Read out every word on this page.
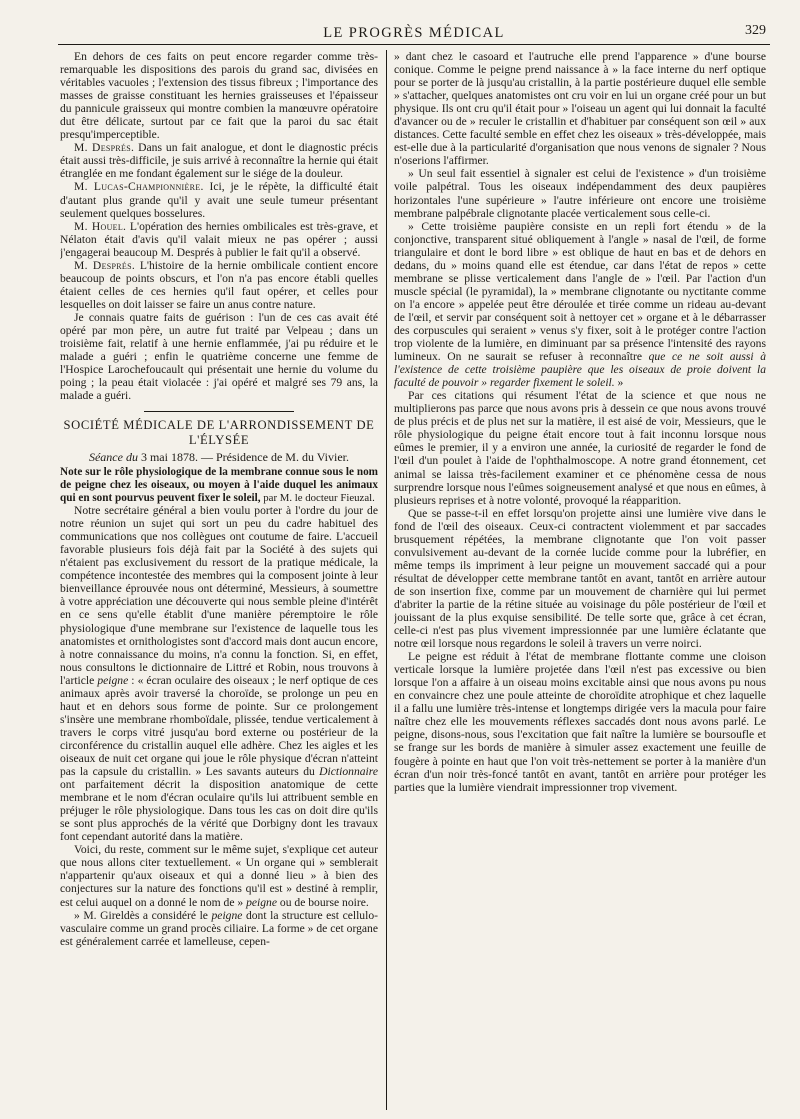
LE PROGRÈS MÉDICAL	329

En dehors de ces faits on peut encore regarder comme très-remarquable les dispositions des parois du grand sac, divisées en véritables vacuoles ; l'extension des tissus fibreux ; l'importance des masses de graisse constituant les hernies graisseuses et l'épaisseur du pannicule graisseux qui montre combien la manœuvre opératoire dut être délicate, surtout par ce fait que la paroi du sac était presqu'imperceptible.

M. Després. Dans un fait analogue, et dont le diagnostic précis était aussi très-difficile, je suis arrivé à reconnaître la hernie qui était étranglée en me fondant également sur le siége de la douleur.

M. Lucas-Championnière. Ici, je le répète, la difficulté était d'autant plus grande qu'il y avait une seule tumeur présentant seulement quelques bosselures.

M. Houel. L'opération des hernies ombilicales est très-grave, et Nélaton était d'avis qu'il valait mieux ne pas opérer ; aussi j'engagerai beaucoup M. Després à publier le fait qu'il a observé.

M. Després. L'histoire de la hernie ombilicale contient encore beaucoup de points obscurs, et l'on n'a pas encore établi quelles étaient celles de ces hernies qu'il faut opérer, et celles pour lesquelles on doit laisser se faire un anus contre nature.

Je connais quatre faits de guérison : l'un de ces cas avait été opéré par mon père, un autre fut traité par Velpeau ; dans un troisième fait, relatif à une hernie enflammée, j'ai pu réduire et le malade a guéri ; enfin le quatrième concerne une femme de l'Hospice Larochefoucault qui présentait une hernie du volume du poing ; la peau était violacée : j'ai opéré et malgré ses 79 ans, la malade a guéri.

SOCIÉTÉ MÉDICALE DE L'ARRONDISSEMENT DE L'ÉLYSÉE
Séance du 3 mai 1878. — Présidence de M. du Vivier.

Note sur le rôle physiologique de la membrane connue sous le nom de peigne chez les oiseaux, ou moyen à l'aide duquel les animaux qui en sont pourvus peuvent fixer le soleil, par M. le docteur Fieuzal.

Notre secrétaire général a bien voulu porter à l'ordre du jour de notre réunion un sujet qui sort un peu du cadre habituel des communications que nos collègues ont coutume de faire. L'accueil favorable plusieurs fois déjà fait par la Société à des sujets qui n'étaient pas exclusivement du ressort de la pratique médicale, la compétence incontestée des membres qui la composent jointe à leur bienveillance éprouvée nous ont déterminé, Messieurs, à soumettre à votre appréciation une découverte qui nous semble pleine d'intérêt en ce sens qu'elle établit d'une manière péremptoire le rôle physiologique d'une membrane sur l'existence de laquelle tous les anatomistes et ornithologistes sont d'accord mais dont aucun encore, à notre connaissance du moins, n'a connu la fonction. Si, en effet, nous consultons le dictionnaire de Littré et Robin, nous trouvons à l'article peigne : « écran oculaire des oiseaux ; le nerf optique de ces animaux après avoir traversé la choroïde, se prolonge un peu en haut et en dehors sous forme de pointe. Sur ce prolongement s'insère une membrane rhomboïdale, plissée, tendue verticalement à travers le corps vitré jusqu'au bord externe ou postérieur de la circonférence du cristallin auquel elle adhère. Chez les aigles et les oiseaux de nuit cet organe qui joue le rôle physique d'écran n'atteint pas la capsule du cristallin. » Les savants auteurs du Dictionnaire ont parfaitement décrit la disposition anatomique de cette membrane et le nom d'écran oculaire qu'ils lui attribuent semble en préjuger le rôle physiologique. Dans tous les cas on doit dire qu'ils se sont plus approchés de la vérité que Dorbigny dont les travaux font cependant autorité dans la matière.

Voici, du reste, comment sur le même sujet, s'explique cet auteur que nous allons citer textuellement. « Un organe qui » semblerait n'appartenir qu'aux oiseaux et qui a donné lieu » à bien des conjectures sur la nature des fonctions qu'il est » destiné à remplir, est celui auquel on a donné le nom de » peigne ou de bourse noire.

» M. Gireldès a considéré le peigne dont la structure est cellulo-vasculaire comme un grand procès ciliaire. La forme » de cet organe est généralement carrée et lamelleuse, cepen-

» dant chez le casoard et l'autruche elle prend l'apparence » d'une bourse conique. Comme le peigne prend naissance à » la face interne du nerf optique pour se porter de là jusqu'au cristallin, à la partie postérieure duquel elle semble » s'attacher, quelques anatomistes ont cru voir en lui un organe créé pour un but physique. Ils ont cru qu'il était pour » l'oiseau un agent qui lui donnait la faculté d'avancer ou de » reculer le cristallin et d'habituer par conséquent son œil » aux distances. Cette faculté semble en effet chez les oiseaux » très-développée, mais est-elle due à la particularité d'organisation que nous venons de signaler ? Nous n'oserions l'affirmer.

» Un seul fait essentiel à signaler est celui de l'existence » d'un troisième voile palpétral. Tous les oiseaux indépendamment des deux paupières horizontales l'une supérieure » l'autre inférieure ont encore une troisième membrane palpébrale clignotante placée verticalement sous celle-ci.

» Cette troisième paupière consiste en un repli fort étendu » de la conjonctive, transparent situé obliquement à l'angle » nasal de l'œil, de forme triangulaire et dont le bord libre » est oblique de haut en bas et de dehors en dedans, du » moins quand elle est étendue, car dans l'état de repos » cette membrane se plisse verticalement dans l'angle de » l'œil. Par l'action d'un muscle spécial (le pyramidal), la » membrane clignotante ou nyctitante comme on l'a encore » appelée peut être déroulée et tirée comme un rideau au-devant de l'œil, et servir par conséquent soit à nettoyer cet » organe et à le débarrasser des corpuscules qui seraient » venus s'y fixer, soit à le protéger contre l'action trop violente de la lumière, en diminuant par sa présence l'intensité des rayons lumineux. On ne saurait se refuser à reconnaître que ce ne soit aussi à l'existence de cette troisième paupière que les oiseaux de proie doivent la faculté de pouvoir » regarder fixement le soleil. »

Par ces citations qui résument l'état de la science et que nous ne multiplierons pas parce que nous avons pris à dessein ce que nous avons trouvé de plus précis et de plus net sur la matière, il est aisé de voir, Messieurs, que le rôle physiologique du peigne était encore tout à fait inconnu lorsque nous eûmes le premier, il y a environ une année, la curiosité de regarder le fond de l'œil d'un poulet à l'aide de l'ophthalmoscope. A notre grand étonnement, cet animal se laissa très-facilement examiner et ce phénomène cessa de nous surprendre lorsque nous l'eûmes soigneusement analysé et que nous en eûmes, à plusieurs reprises et à notre volonté, provoqué la réapparition.

Que se passe-t-il en effet lorsqu'on projette ainsi une lumière vive dans le fond de l'œil des oiseaux. Ceux-ci contractent violemment et par saccades brusquement répétées, la membrane clignotante que l'on voit passer convulsivement au-devant de la cornée lucide comme pour la lubréfier, en même temps ils impriment à leur peigne un mouvement saccadé qui a pour résultat de développer cette membrane tantôt en avant, tantôt en arrière autour de son insertion fixe, comme par un mouvement de charnière qui lui permet d'abriter la partie de la rétine située au voisinage du pôle postérieur de l'œil et jouissant de la plus exquise sensibilité. De telle sorte que, grâce à cet écran, celle-ci n'est pas plus vivement impressionnée par une lumière éclatante que notre œil lorsque nous regardons le soleil à travers un verre noirci.

Le peigne est réduit à l'état de membrane flottante comme une cloison verticale lorsque la lumière projetée dans l'œil n'est pas excessive ou bien lorsque l'on a affaire à un oiseau moins excitable ainsi que nous avons pu nous en convaincre chez une poule atteinte de choroïdite atrophique et chez laquelle il a fallu une lumière très-intense et longtemps dirigée vers la macula pour faire naître chez elle les mouvements réflexes saccadés dont nous avons parlé. Le peigne, disons-nous, sous l'excitation que fait naître la lumière se boursoufle et se frange sur les bords de manière à simuler assez exactement une feuille de fougère à pointe en haut que l'on voit très-nettement se porter à la manière d'un écran d'un noir très-foncé tantôt en avant, tantôt en arrière pour protéger les parties que la lumière viendrait impressionner trop vivement.
